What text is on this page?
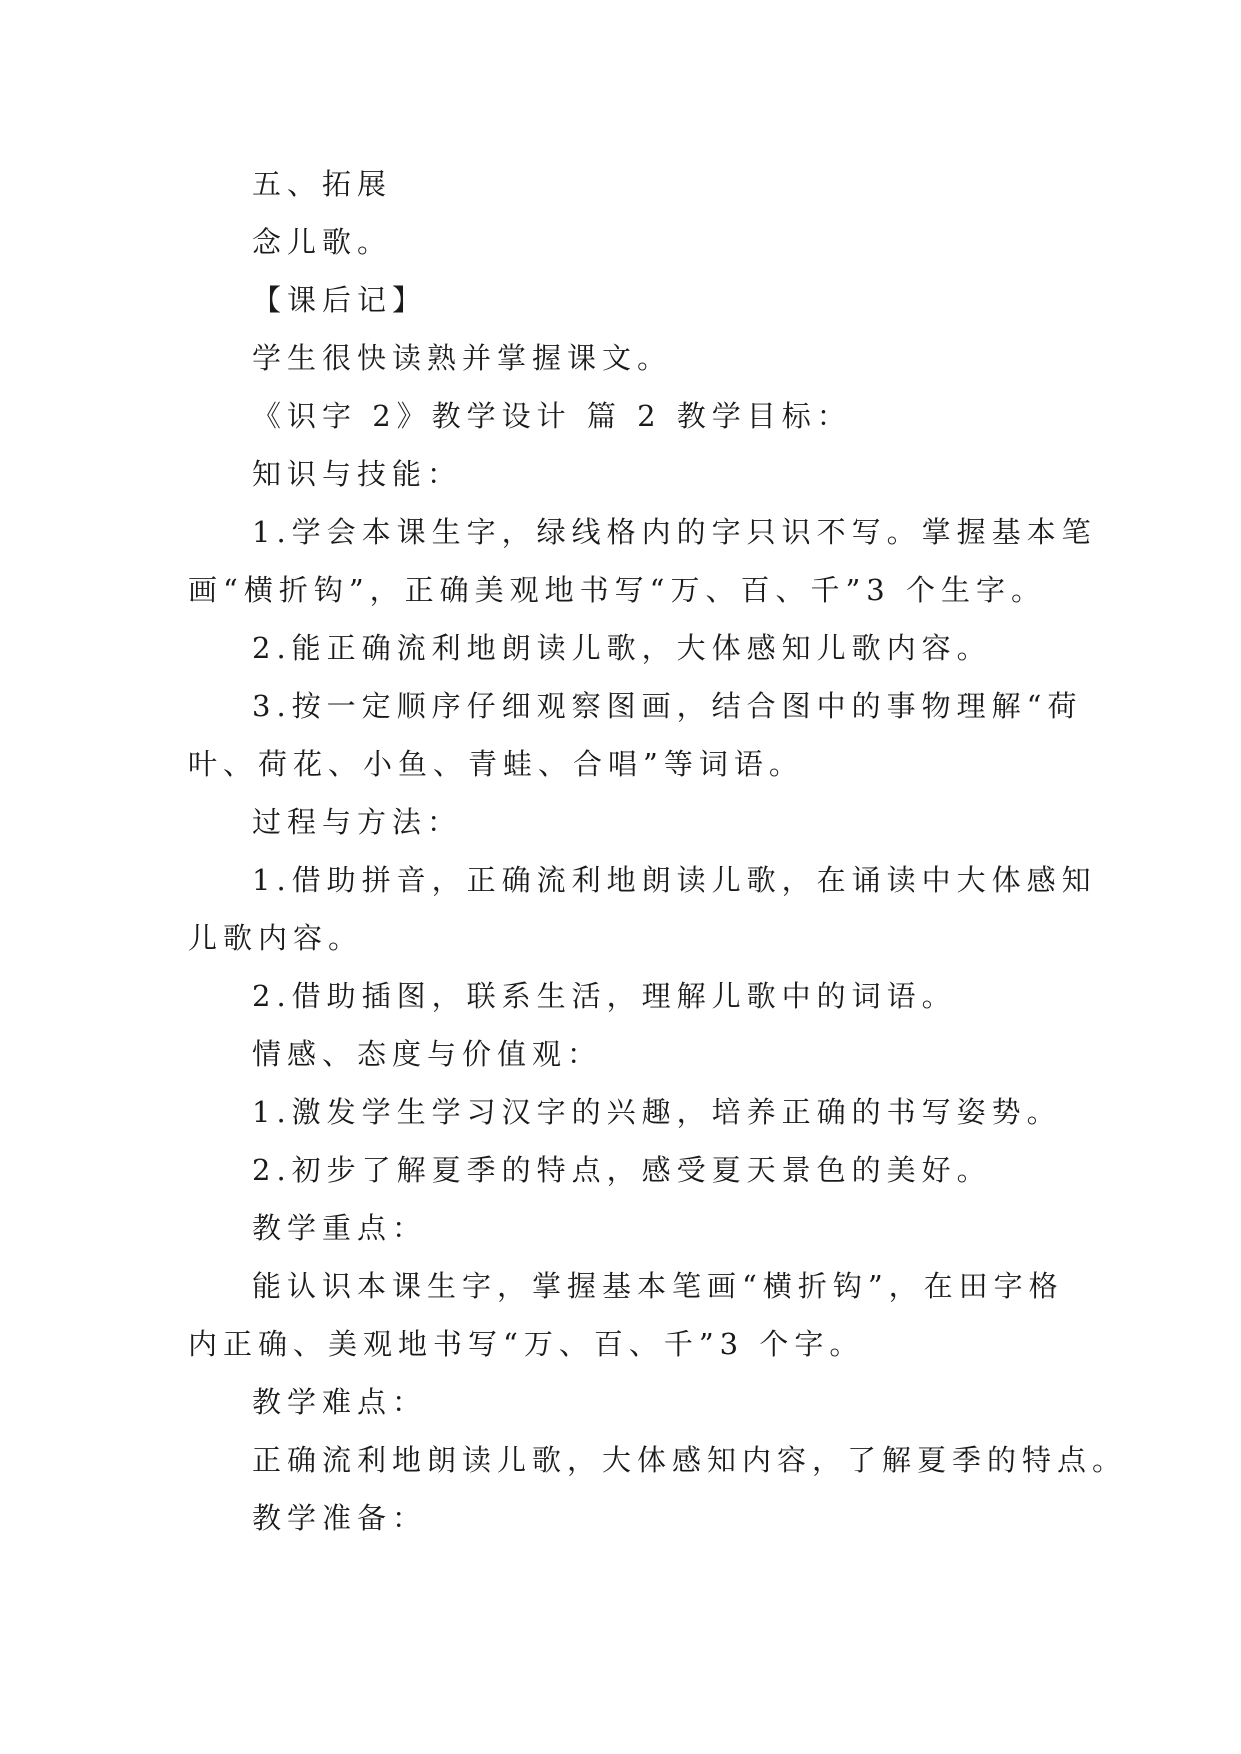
五、拓展
念儿歌。
【课后记】
学生很快读熟并掌握课文。
《识字 2》教学设计 篇 2 教学目标：
知识与技能：
1.学会本课生字，绿线格内的字只识不写。掌握基本笔
画“横折钩”，正确美观地书写“万、百、千”3 个生字。
2.能正确流利地朗读儿歌，大体感知儿歌内容。
3.按一定顺序仔细观察图画，结合图中的事物理解“荷
叶、荷花、小鱼、青蛙、合唱”等词语。
过程与方法：
1.借助拼音，正确流利地朗读儿歌，在诵读中大体感知
儿歌内容。
2.借助插图，联系生活，理解儿歌中的词语。
情感、态度与价值观：
1.激发学生学习汉字的兴趣，培养正确的书写姿势。
2.初步了解夏季的特点，感受夏天景色的美好。
教学重点：
能认识本课生字，掌握基本笔画“横折钩”，在田字格
内正确、美观地书写“万、百、千”3 个字。
教学难点：
正确流利地朗读儿歌，大体感知内容，了解夏季的特点。
教学准备：
